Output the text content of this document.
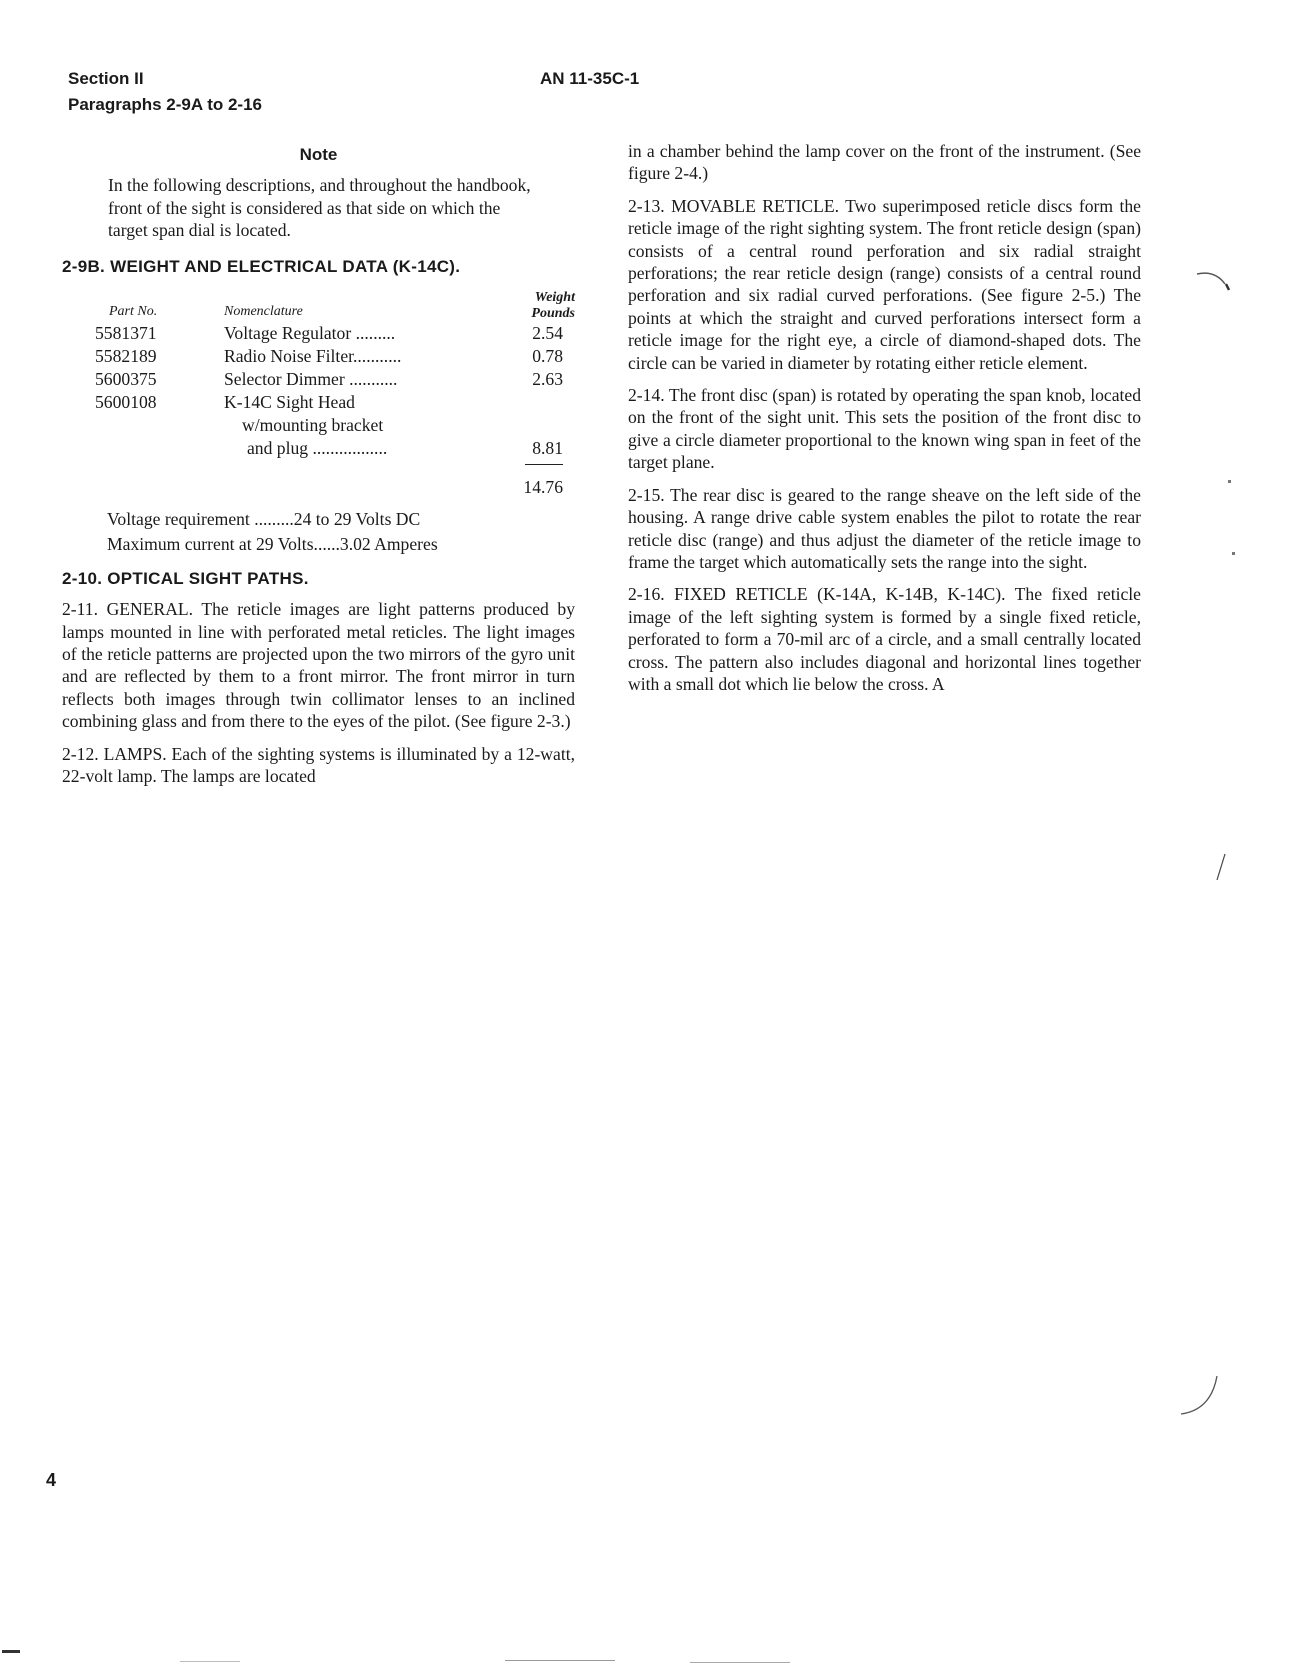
Section II
Paragraphs 2-9A to 2-16
AN 11-35C-1
Note

In the following descriptions, and throughout the handbook, front of the sight is considered as that side on which the target span dial is located.

2-9B. WEIGHT AND ELECTRICAL DATA (K-14C).
Part No.	Nomenclature
Weight
Pounds
5581371	Voltage Regulator .........	2.54
5582189	Radio Noise Filter...........	0.78
5600375	Selector Dimmer ...........	2.63
5600108	K-14C Sight Head
w/mounting bracket
and plug .................	8.81
14.76
Voltage requirement .........24 to 29 Volts DC
Maximum current at 29 Volts......3.02 Amperes
2-10. OPTICAL SIGHT PATHS.

2-11. GENERAL. The reticle images are light patterns produced by lamps mounted in line with perforated metal reticles. The light images of the reticle patterns are projected upon the two mirrors of the gyro unit and are reflected by them to a front mirror. The front mirror in turn reflects both images through twin collimator lenses to an inclined combining glass and from there to the eyes of the pilot. (See figure 2-3.)

2-12. LAMPS. Each of the sighting systems is illuminated by a 12-watt, 22-volt lamp. The lamps are located

in a chamber behind the lamp cover on the front of the instrument. (See figure 2-4.)

2-13. MOVABLE RETICLE. Two superimposed reticle discs form the reticle image of the right sighting system. The front reticle design (span) consists of a central round perforation and six radial straight perforations; the rear reticle design (range) consists of a central round perforation and six radial curved perforations. (See figure 2-5.) The points at which the straight and curved perforations intersect form a reticle image for the right eye, a circle of diamond-shaped dots. The circle can be varied in diameter by rotating either reticle element.

2-14. The front disc (span) is rotated by operating the span knob, located on the front of the sight unit. This sets the position of the front disc to give a circle diameter proportional to the known wing span in feet of the target plane.

2-15. The rear disc is geared to the range sheave on the left side of the housing. A range drive cable system enables the pilot to rotate the rear reticle disc (range) and thus adjust the diameter of the reticle image to frame the target which automatically sets the range into the sight.

2-16. FIXED RETICLE (K-14A, K-14B, K-14C). The fixed reticle image of the left sighting system is formed by a single fixed reticle, perforated to form a 70-mil arc of a circle, and a small centrally located cross. The pattern also includes diagonal and horizontal lines together with a small dot which lie below the cross. A

4
